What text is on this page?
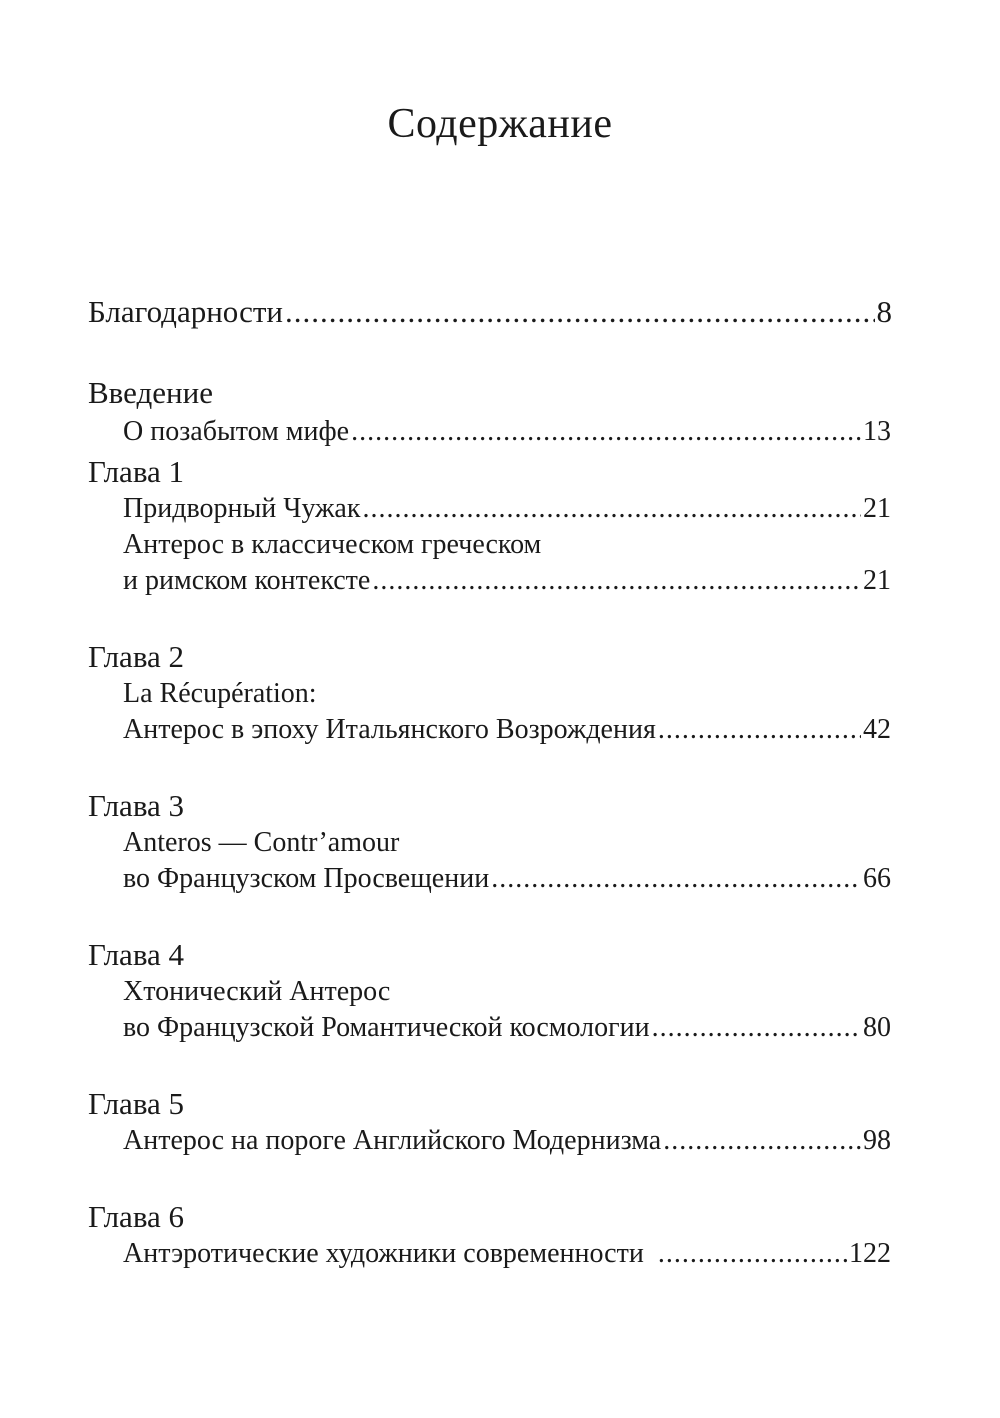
Содержание
Благодарности .....	8
Введение
О позабытом мифе .....	13
Глава 1
Придворный Чужак .....	21
Антерос в классическом греческом
и римском контексте .....	21
Глава 2
La Récupération:
Антерос в эпоху Итальянского Возрождения .....	42
Глава 3
Anteros — Contr’amour
во Французском Просвещении .....	66
Глава 4
Хтонический Антерос
во Французской Романтической космологии .....	80
Глава 5
Антерос на пороге Английского Модернизма .....	98
Глава 6
Антэротические художники современности .....	122
